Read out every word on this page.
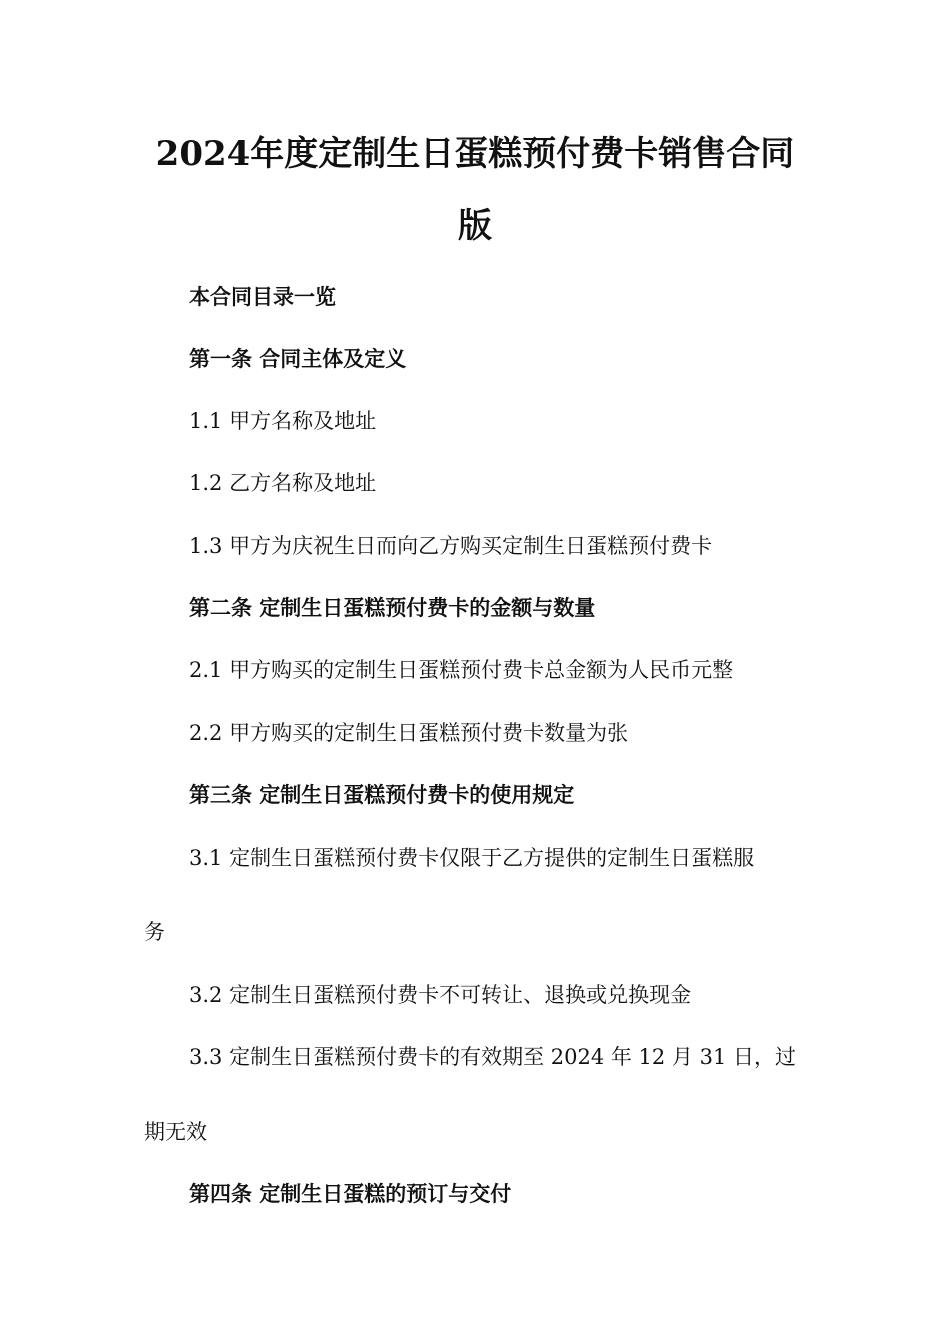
2024年度定制生日蛋糕预付费卡销售合同
版
本合同目录一览
第一条 合同主体及定义
1.1 甲方名称及地址
1.2 乙方名称及地址
1.3 甲方为庆祝生日而向乙方购买定制生日蛋糕预付费卡
第二条 定制生日蛋糕预付费卡的金额与数量
2.1 甲方购买的定制生日蛋糕预付费卡总金额为人民币元整
2.2 甲方购买的定制生日蛋糕预付费卡数量为张
第三条 定制生日蛋糕预付费卡的使用规定
3.1 定制生日蛋糕预付费卡仅限于乙方提供的定制生日蛋糕服
务
3.2 定制生日蛋糕预付费卡不可转让、退换或兑换现金
3.3 定制生日蛋糕预付费卡的有效期至 2024 年 12 月 31 日，过
期无效
第四条 定制生日蛋糕的预订与交付
